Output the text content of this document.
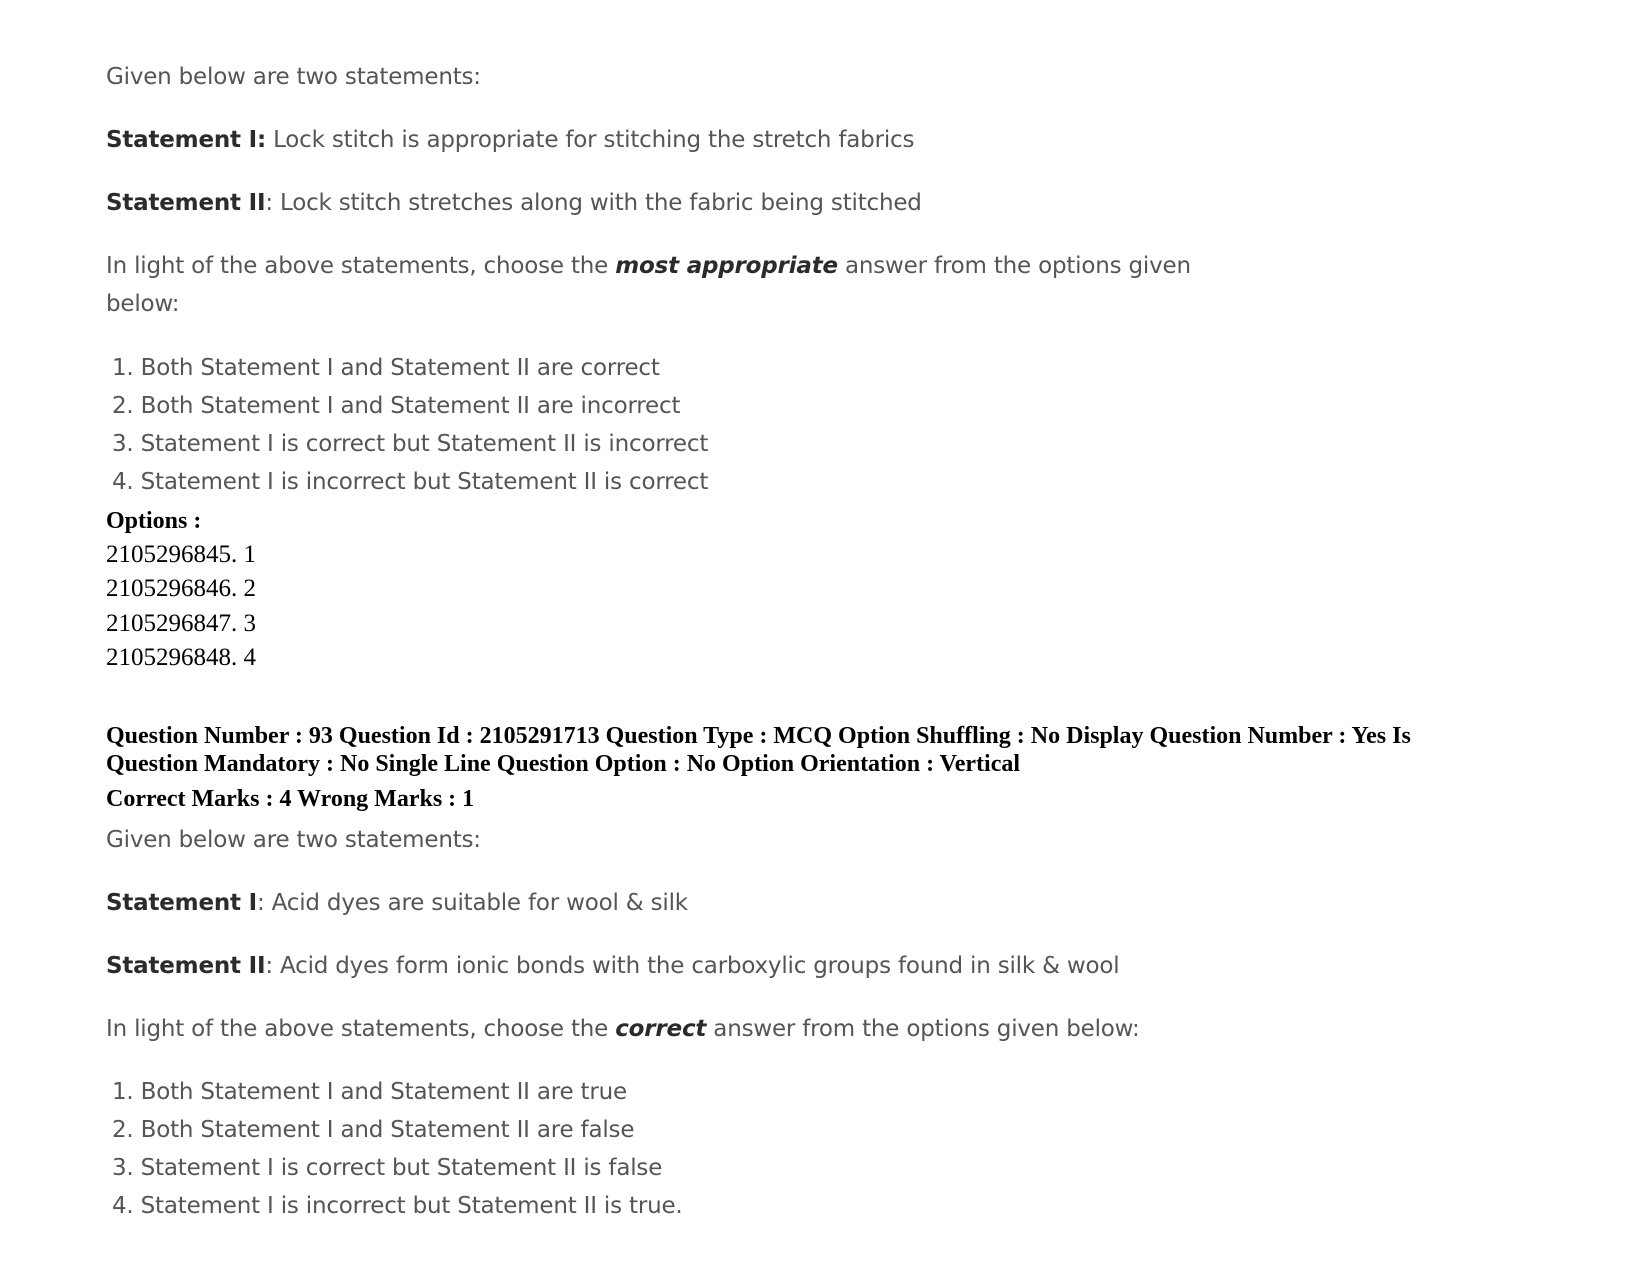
Given below are two statements:
Statement I: Lock stitch is appropriate for stitching the stretch fabrics
Statement II: Lock stitch stretches along with the fabric being stitched
In light of the above statements, choose the most appropriate answer from the options given
below:
1. Both Statement I and Statement II are correct
2. Both Statement I and Statement II are incorrect
3. Statement I is correct but Statement II is incorrect
4. Statement I is incorrect but Statement II is correct
Options :
2105296845. 1
2105296846. 2
2105296847. 3
2105296848. 4
Question Number : 93 Question Id : 2105291713 Question Type : MCQ Option Shuffling : No Display Question Number : Yes Is
Question Mandatory : No Single Line Question Option : No Option Orientation : Vertical
Correct Marks : 4 Wrong Marks : 1
Given below are two statements:
Statement I: Acid dyes are suitable for wool & silk
Statement II: Acid dyes form ionic bonds with the carboxylic groups found in silk & wool
In light of the above statements, choose the correct answer from the options given below:
1. Both Statement I and Statement II are true
2. Both Statement I and Statement II are false
3. Statement I is correct but Statement II is false
4. Statement I is incorrect but Statement II is true.
